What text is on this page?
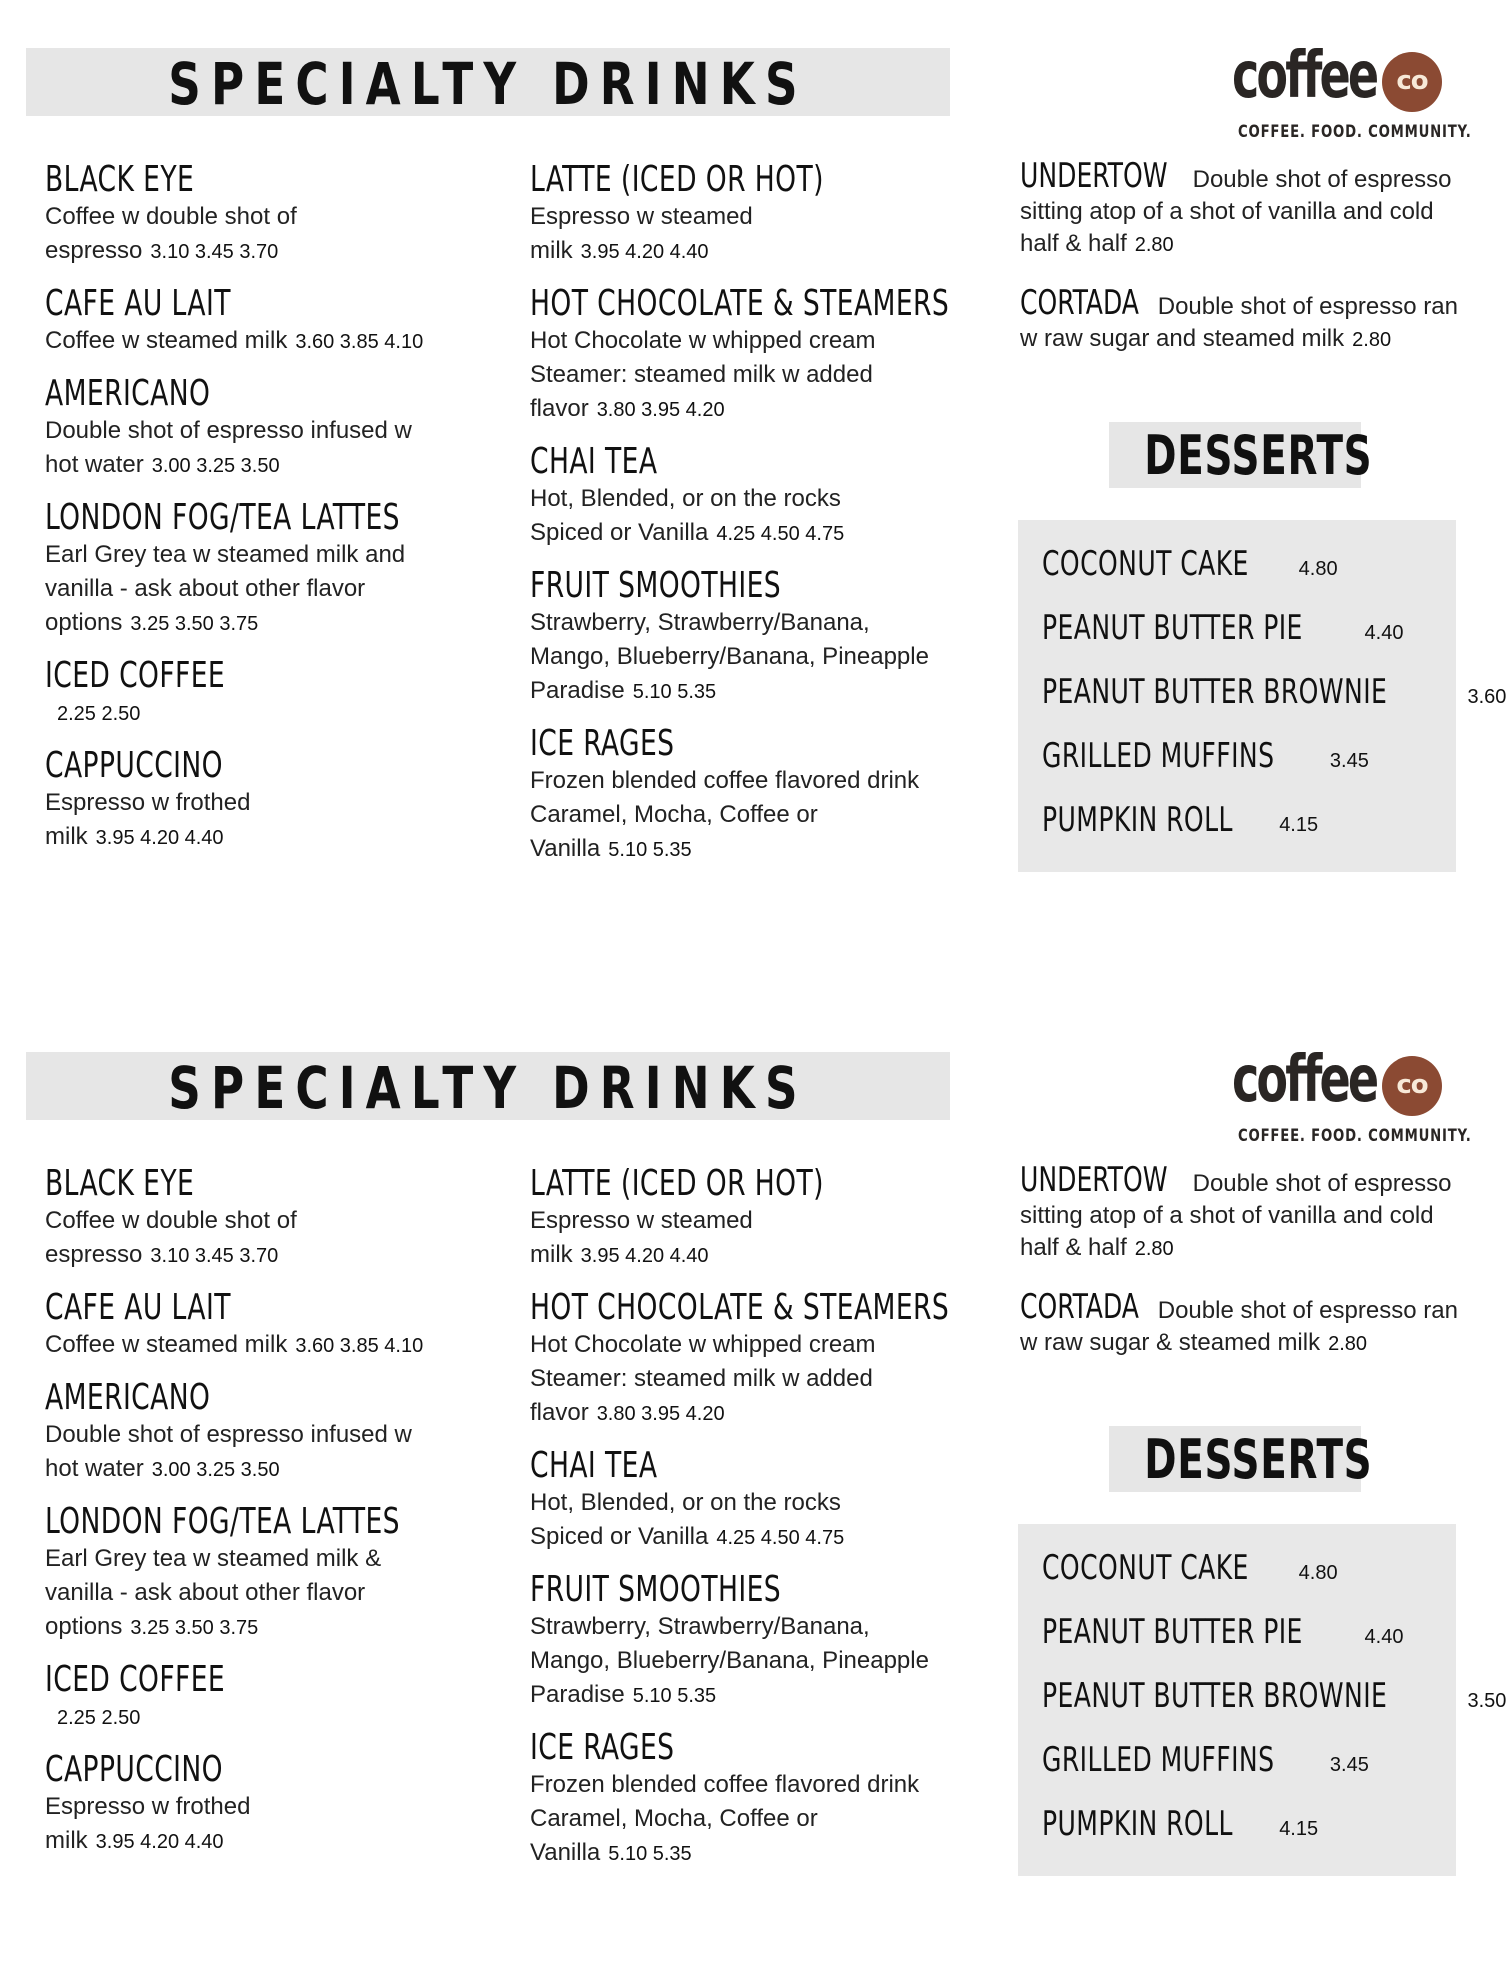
SPECIALTY DRINKS	coffee co
COFFEE. FOOD. COMMUNITY.
BLACK EYE
Coffee w double shot of
espresso 3.10 3.45 3.70
CAFE AU LAIT
Coffee w steamed milk 3.60 3.85 4.10
AMERICANO
Double shot of espresso infused w
hot water 3.00 3.25 3.50
LONDON FOG/TEA LATTES
Earl Grey tea w steamed milk and
vanilla - ask about other flavor
options 3.25 3.50 3.75
ICED COFFEE
2.25 2.50
CAPPUCCINO
Espresso w frothed
milk 3.95 4.20 4.40
LATTE (ICED OR HOT)
Espresso w steamed
milk 3.95 4.20 4.40
HOT CHOCOLATE & STEAMERS
Hot Chocolate w whipped cream
Steamer: steamed milk w added
flavor 3.80 3.95 4.20
CHAI TEA
Hot, Blended, or on the rocks
Spiced or Vanilla 4.25 4.50 4.75
FRUIT SMOOTHIES
Strawberry, Strawberry/Banana,
Mango, Blueberry/Banana, Pineapple
Paradise 5.10 5.35
ICE RAGES
Frozen blended coffee flavored drink
Caramel, Mocha, Coffee or
Vanilla 5.10 5.35
UNDERTOW Double shot of espresso sitting atop of a shot of vanilla and cold half & half 2.80
CORTADA Double shot of espresso ran w raw sugar and steamed milk 2.80
DESSERTS
COCONUT CAKE 4.80
PEANUT BUTTER PIE	4.40
PEANUT BUTTER BROWNIE	3.60
GRILLED MUFFINS	3.45
PUMPKIN ROLL 4.15
SPECIALTY DRINKS	coffee co
COFFEE. FOOD. COMMUNITY.
BLACK EYE
Coffee w double shot of
espresso 3.10 3.45 3.70
CAFE AU LAIT
Coffee w steamed milk 3.60 3.85 4.10
AMERICANO
Double shot of espresso infused w
hot water 3.00 3.25 3.50
LONDON FOG/TEA LATTES
Earl Grey tea w steamed milk &
vanilla - ask about other flavor
options 3.25 3.50 3.75
ICED COFFEE
2.25 2.50
CAPPUCCINO
Espresso w frothed
milk 3.95 4.20 4.40
LATTE (ICED OR HOT)
Espresso w steamed
milk 3.95 4.20 4.40
HOT CHOCOLATE & STEAMERS
Hot Chocolate w whipped cream
Steamer: steamed milk w added
flavor 3.80 3.95 4.20
CHAI TEA
Hot, Blended, or on the rocks
Spiced or Vanilla 4.25 4.50 4.75
FRUIT SMOOTHIES
Strawberry, Strawberry/Banana,
Mango, Blueberry/Banana, Pineapple
Paradise 5.10 5.35
ICE RAGES
Frozen blended coffee flavored drink
Caramel, Mocha, Coffee or
Vanilla 5.10 5.35
UNDERTOW Double shot of espresso sitting atop of a shot of vanilla and cold half & half 2.80
CORTADA Double shot of espresso ran w raw sugar & steamed milk 2.80
DESSERTS
COCONUT CAKE 4.80
PEANUT BUTTER PIE	4.40
PEANUT BUTTER BROWNIE	3.50
GRILLED MUFFINS	3.45
PUMPKIN ROLL 4.15
